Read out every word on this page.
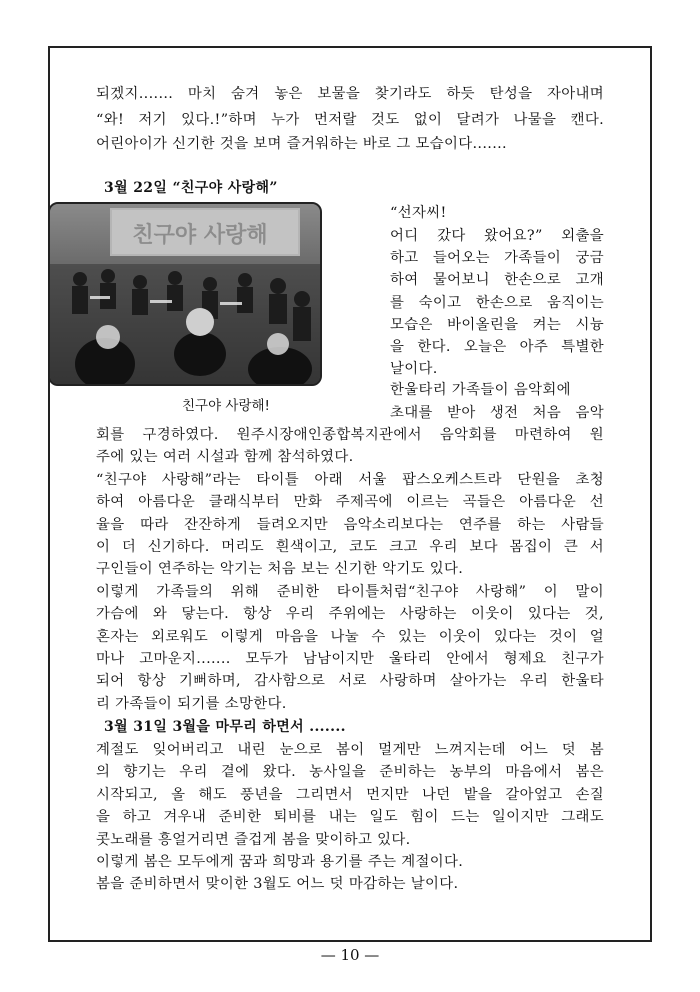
되겠지....... 마치 숨겨 놓은 보물을 찾기라도 하듯 탄성을 자아내며
“와! 저기 있다.!”하며 누가 먼저랄 것도 없이 달려가 나물을 캔다.
어린아이가 신기한 것을 보며 즐거워하는 바로 그 모습이다.......
3월 22일 “친구야 사랑해”
“선자씨!
어디 갔다 왔어요?” 외출을
하고 들어오는 가족들이 궁금
하여 물어보니 한손으로 고개
를 숙이고 한손으로 움직이는
모습은 바이올린을 켜는 시늉
을 한다. 오늘은 아주 특별한
날이다.
한울타리 가족들이 음악회에
초대를 받아 생전 처음 음악
회를 구경하였다. 원주시장애인종합복지관에서 음악회를 마련하여 원
주에 있는 여러 시설과 함께 참석하였다.
“친구야 사랑해”라는 타이틀 아래 서울 팝스오케스트라 단원을 초청
하여 아름다운 클래식부터 만화 주제곡에 이르는 곡들은 아름다운 선
율을 따라 잔잔하게 들려오지만 음악소리보다는 연주를 하는 사람들
이 더 신기하다. 머리도 흰색이고, 코도 크고 우리 보다 몸집이 큰 서
구인들이 연주하는 악기는 처음 보는 신기한 악기도 있다.
이렇게 가족들의 위해 준비한 타이틀처럼“친구야 사랑해” 이 말이
가슴에 와 닿는다. 항상 우리 주위에는 사랑하는 이웃이 있다는 것,
혼자는 외로워도 이렇게 마음을 나눌 수 있는 이웃이 있다는 것이 얼
마나 고마운지....... 모두가 남남이지만 울타리 안에서 형제요 친구가
되어 항상 기뻐하며, 감사함으로 서로 사랑하며 살아가는 우리 한울타
리 가족들이 되기를 소망한다.
3월 31일 3월을 마무리 하면서 .......
계절도 잊어버리고 내린 눈으로 봄이 멀게만 느껴지는데 어느 덧 봄
의 향기는 우리 곁에 왔다. 농사일을 준비하는 농부의 마음에서 봄은
시작되고, 올 해도 풍년을 그리면서 먼지만 나던 밭을 갈아엎고 손질
을 하고 겨우내 준비한 퇴비를 내는 일도 힘이 드는 일이지만 그래도
콧노래를 흥얼거리면 즐겁게 봄을 맞이하고 있다.
이렇게 봄은 모두에게 꿈과 희망과 용기를 주는 계절이다.
봄을 준비하면서 맞이한 3월도 어느 덧 마감하는 날이다.
친구야 사랑해
친구야 사랑해!
— 10 —
